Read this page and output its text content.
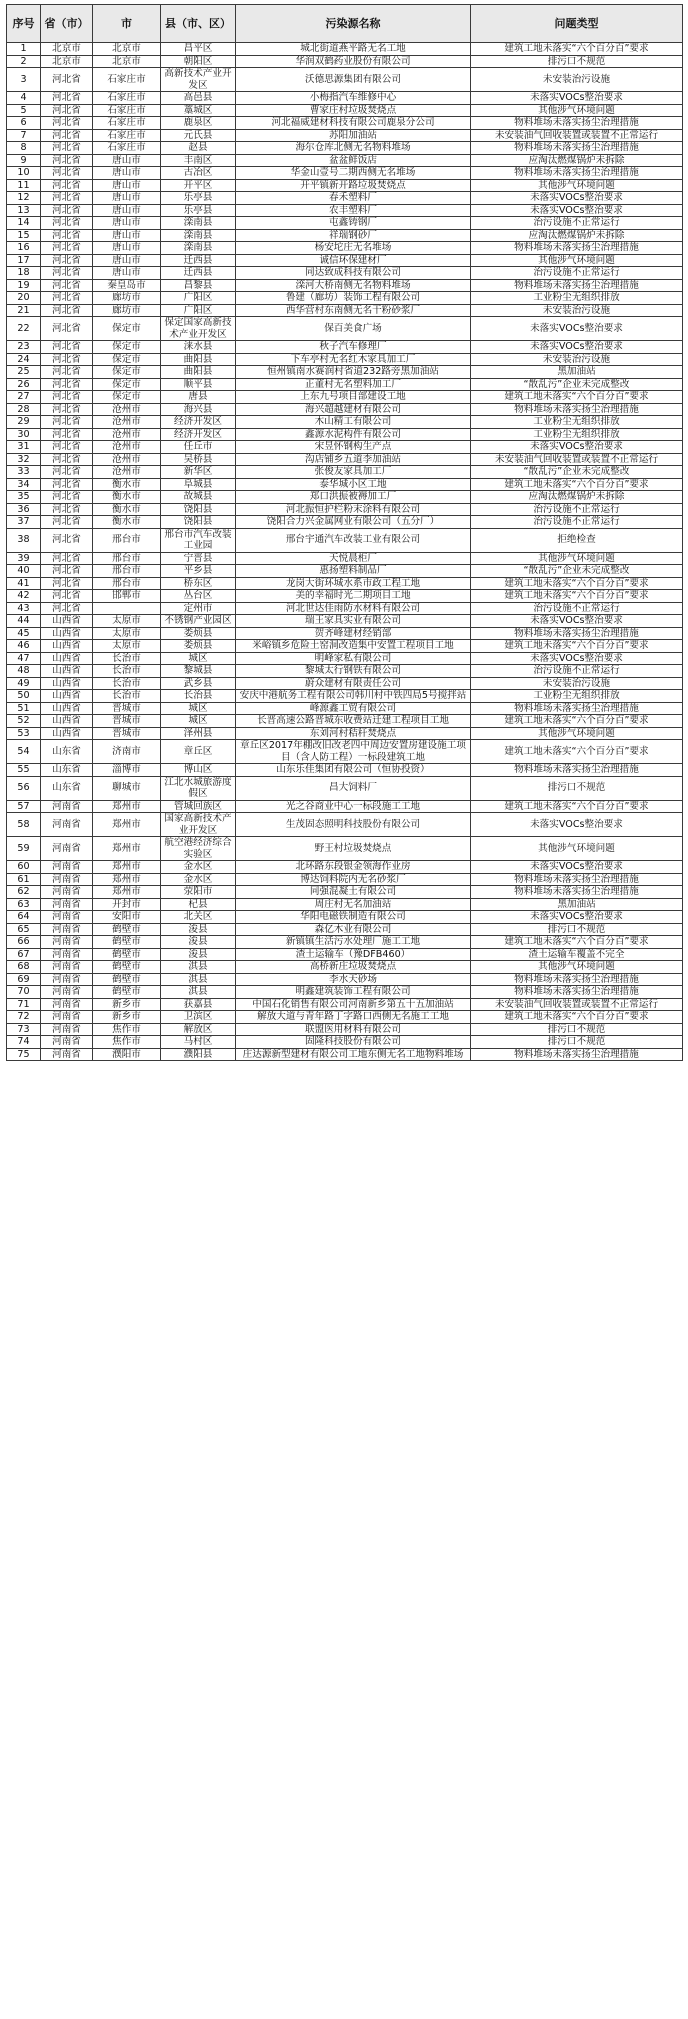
序号	省（市）	市	县（市、区）	污染源名称	问题类型
1	北京市	北京市	昌平区	城北街道燕平路无名工地	建筑工地未落实“六个百分百”要求
2	北京市	北京市	朝阳区	华润双鹤药业股份有限公司	排污口不规范
3	河北省	石家庄市	高新技术产业开发区	沃德思源集团有限公司	未安装治污设施
4	河北省	石家庄市	高邑县	小梅指汽车维修中心	未落实VOCs整治要求
5	河北省	石家庄市	藁城区	曹家庄村垃圾焚烧点	其他涉气环境问题
6	河北省	石家庄市	鹿泉区	河北福威建材科技有限公司鹿泉分公司	物料堆场未落实扬尘治理措施
7	河北省	石家庄市	元氏县	苏阳加油站	未安装油气回收装置或装置不正常运行
8	河北省	石家庄市	赵县	海尔仓库北侧无名物料堆场	物料堆场未落实扬尘治理措施
9	河北省	唐山市	丰南区	盆盆鲜饭店	应淘汰燃煤锅炉未拆除
10	河北省	唐山市	古冶区	华金山壹号二期西侧无名堆场	物料堆场未落实扬尘治理措施
11	河北省	唐山市	开平区	开平镇新开路垃圾焚烧点	其他涉气环境问题
12	河北省	唐山市	乐亭县	春禾塑料厂	未落实VOCs整治要求
13	河北省	唐山市	乐亭县	农丰塑料厂	未落实VOCs整治要求
14	河北省	唐山市	滦南县	屯鑫铸钢厂	治污设施不正常运行
15	河北省	唐山市	滦南县	祥瑞钢砂厂	应淘汰燃煤锅炉未拆除
16	河北省	唐山市	滦南县	杨安坨庄无名堆场	物料堆场未落实扬尘治理措施
17	河北省	唐山市	迁西县	诚信环保建材厂	其他涉气环境问题
18	河北省	唐山市	迁西县	同达致成科技有限公司	治污设施不正常运行
19	河北省	秦皇岛市	昌黎县	滦河大桥南侧无名物料堆场	物料堆场未落实扬尘治理措施
20	河北省	廊坊市	广阳区	鲁建（廊坊）装饰工程有限公司	工业粉尘无组织排放
21	河北省	廊坊市	广阳区	西华营村东南侧无名干粉砂浆厂	未安装治污设施
22	河北省	保定市	保定国家高新技术产业开发区	保百美食广场	未落实VOCs整治要求
23	河北省	保定市	涞水县	秋子汽车修理厂	未落实VOCs整治要求
24	河北省	保定市	曲阳县	下车亭村无名红木家具加工厂	未安装治污设施
25	河北省	保定市	曲阳县	恒州镇南水赛润村省道232路旁黑加油站	黑加油站
26	河北省	保定市	顺平县	正董村无名塑料加工厂	“散乱污”企业未完成整改
27	河北省	保定市	唐县	上东九号项目部建设工地	建筑工地未落实“六个百分百”要求
28	河北省	沧州市	海兴县	海兴超越建材有限公司	物料堆场未落实扬尘治理措施
29	河北省	沧州市	经济开发区	木山精工有限公司	工业粉尘无组织排放
30	河北省	沧州市	经济开发区	鑫源水泥构件有限公司	工业粉尘无组织排放
31	河北省	沧州市	任丘市	宋昱怀钢构生产点	未落实VOCs整治要求
32	河北省	沧州市	吴桥县	沟店铺乡五道李加油站	未安装油气回收装置或装置不正常运行
33	河北省	沧州市	新华区	张俊友家具加工厂	“散乱污”企业未完成整改
34	河北省	衡水市	阜城县	泰华城小区工地	建筑工地未落实“六个百分百”要求
35	河北省	衡水市	故城县	郑口洪振被褥加工厂	应淘汰燃煤锅炉未拆除
36	河北省	衡水市	饶阳县	河北振恒护栏粉末涂料有限公司	治污设施不正常运行
37	河北省	衡水市	饶阳县	饶阳合力兴金属网业有限公司（五分厂）	治污设施不正常运行
38	河北省	邢台市	邢台市汽车改装工业园	邢台宇通汽车改装工业有限公司	拒绝检查
39	河北省	邢台市	宁晋县	天悦晨柜厂	其他涉气环境问题
40	河北省	邢台市	平乡县	惠扬塑料制品厂	“散乱污”企业未完成整改
41	河北省	邢台市	桥东区	龙岗大街环城水系市政工程工地	建筑工地未落实“六个百分百”要求
42	河北省	邯郸市	丛台区	美的幸福时光二期项目工地	建筑工地未落实“六个百分百”要求
43	河北省		定州市	河北世达佳雨防水材料有限公司	治污设施不正常运行
44	山西省	太原市	不锈钢产业园区	瑞王家具实业有限公司	未落实VOCs整治要求
45	山西省	太原市	娄烦县	贺齐峰建材经销部	物料堆场未落实扬尘治理措施
46	山西省	太原市	娄烦县	米峪镇乡危险土窑洞改造集中安置工程项目工地	建筑工地未落实“六个百分百”要求
47	山西省	长治市	城区	明峰家私有限公司	未落实VOCs整治要求
48	山西省	长治市	黎城县	黎城太行钢铁有限公司	治污设施不正常运行
49	山西省	长治市	武乡县	蔚众建材有限责任公司	未安装治污设施
50	山西省	长治市	长治县	安庆中港航务工程有限公司韩川村中铁四局5号搅拌站	工业粉尘无组织排放
51	山西省	晋城市	城区	峰源鑫工贸有限公司	物料堆场未落实扬尘治理措施
52	山西省	晋城市	城区	长晋高速公路晋城东收费站迁建工程项目工地	建筑工地未落实“六个百分百”要求
53	山西省	晋城市	泽州县	东刘河村秸秆焚烧点	其他涉气环境问题
54	山东省	济南市	章丘区	章丘区2017年棚改旧改老四中周边安置房建设施工项目（含人防工程）一标段建筑工地	建筑工地未落实“六个百分百”要求
55	山东省	淄博市	博山区	山东乐佳集团有限公司（恒协投资）	物料堆场未落实扬尘治理措施
56	山东省	聊城市	江北水城旅游度假区	昌大饲料厂	排污口不规范
57	河南省	郑州市	管城回族区	光之谷商业中心一标段施工工地	建筑工地未落实“六个百分百”要求
58	河南省	郑州市	国家高新技术产业开发区	生茂固态照明科技股份有限公司	未落实VOCs整治要求
59	河南省	郑州市	航空港经济综合实验区	野王村垃圾焚烧点	其他涉气环境问题
60	河南省	郑州市	金水区	北环路东段银金领海作业房	未落实VOCs整治要求
61	河南省	郑州市	金水区	博达饲料院内无名砂浆厂	物料堆场未落实扬尘治理措施
62	河南省	郑州市	荥阳市	同强混凝土有限公司	物料堆场未落实扬尘治理措施
63	河南省	开封市	杞县	周庄村无名加油站	黑加油站
64	河南省	安阳市	北关区	华阳电磁铁制造有限公司	未落实VOCs整治要求
65	河南省	鹤壁市	浚县	森亿木业有限公司	排污口不规范
66	河南省	鹤壁市	浚县	新镇镇生活污水处理厂施工工地	建筑工地未落实“六个百分百”要求
67	河南省	鹤壁市	浚县	渣土运输车（豫DFB460）	渣土运输车覆盖不完全
68	河南省	鹤壁市	淇县	高桥新庄垃圾焚烧点	其他涉气环境问题
69	河南省	鹤壁市	淇县	李水天砂场	物料堆场未落实扬尘治理措施
70	河南省	鹤壁市	淇县	明鑫建筑装饰工程有限公司	物料堆场未落实扬尘治理措施
71	河南省	新乡市	获嘉县	中国石化销售有限公司河南新乡第五十五加油站	未安装油气回收装置或装置不正常运行
72	河南省	新乡市	卫滨区	解放大道与青年路丁字路口西侧无名施工工地	建筑工地未落实“六个百分百”要求
73	河南省	焦作市	解放区	联盟医用材料有限公司	排污口不规范
74	河南省	焦作市	马村区	固隆科技股份有限公司	排污口不规范
75	河南省	濮阳市	濮阳县	庄达源新型建材有限公司工地东侧无名工地物料堆场	物料堆场未落实扬尘治理措施
